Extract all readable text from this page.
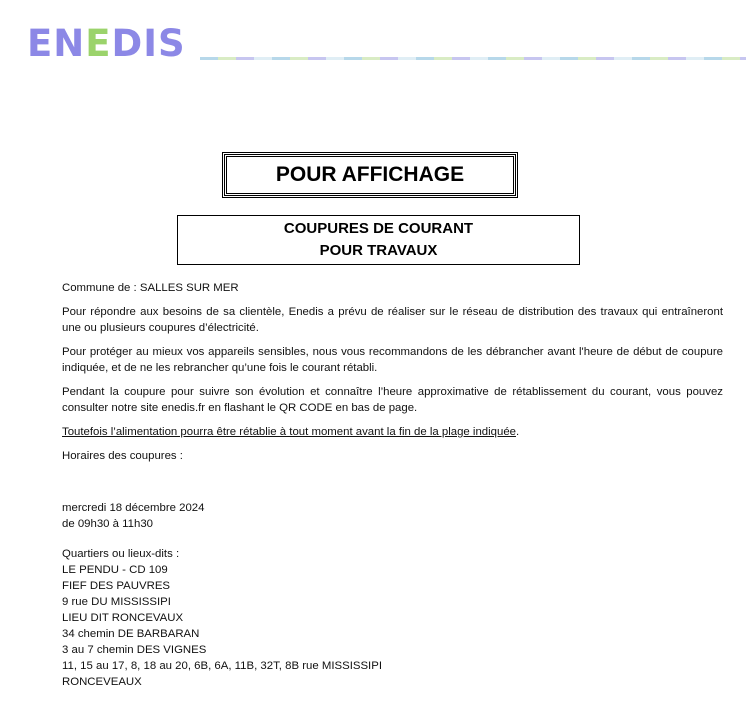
ENEDIS
POUR AFFICHAGE
COUPURES DE COURANT
POUR TRAVAUX

Commune de : SALLES SUR MER

Pour répondre aux besoins de sa clientèle, Enedis a prévu de réaliser sur le réseau de distribution des travaux qui entraîneront une ou plusieurs coupures d’électricité.

Pour protéger au mieux vos appareils sensibles, nous vous recommandons de les débrancher avant l'heure de début de coupure indiquée, et de ne les rebrancher qu’une fois le courant rétabli.

Pendant la coupure pour suivre son évolution et connaître l’heure approximative de rétablissement du courant, vous pouvez consulter notre site enedis.fr en flashant le QR CODE en bas de page.

Toutefois l’alimentation pourra être rétablie à tout moment avant la fin de la plage indiquée.

Horaires des coupures :

mercredi 18 décembre 2024
de 09h30 à 11h30
Quartiers ou lieux-dits :
LE PENDU - CD 109
FIEF DES PAUVRES
9 rue DU MISSISSIPI
LIEU DIT RONCEVAUX
34 chemin DE BARBARAN
3 au 7 chemin DES VIGNES
11, 15 au 17, 8, 18 au 20, 6B, 6A, 11B, 32T, 8B rue MISSISSIPI
RONCEVEAUX
